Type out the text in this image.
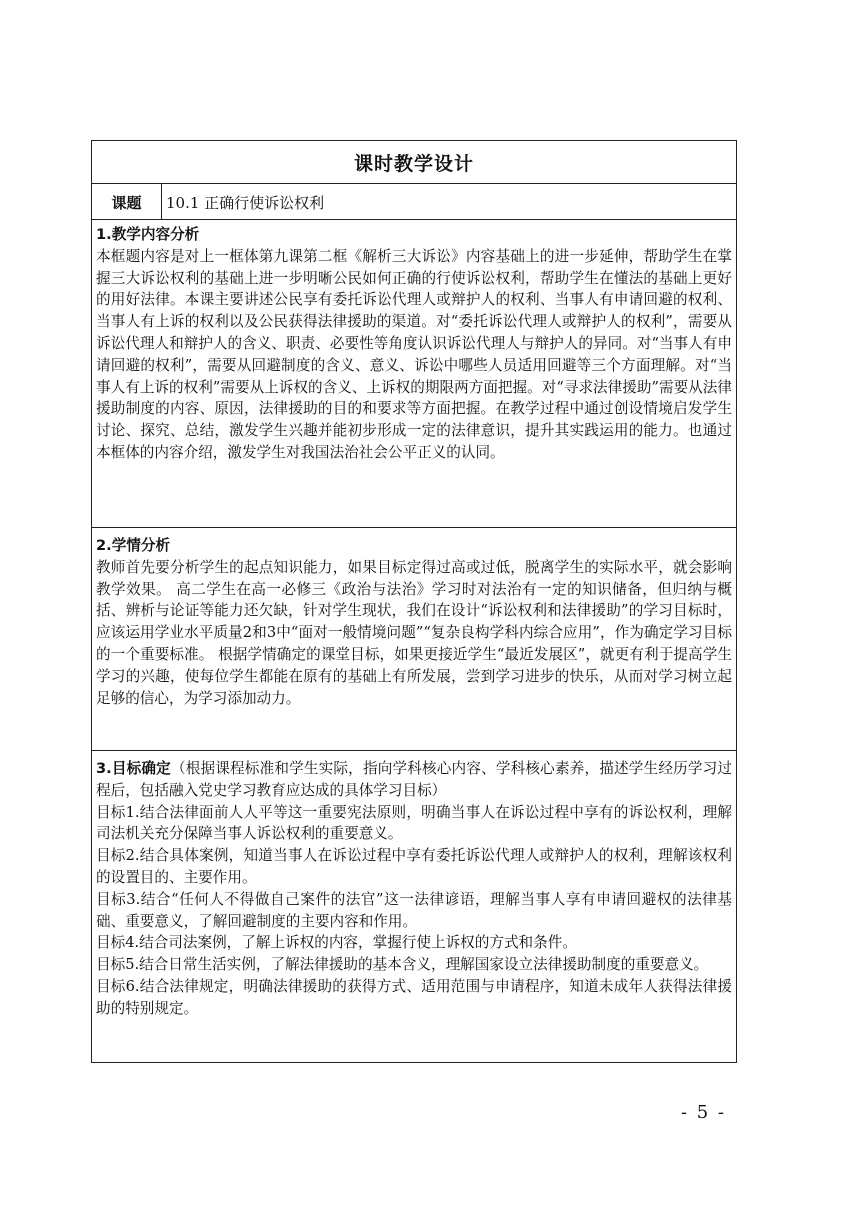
课时教学设计
课题	10.1 正确行使诉讼权利

1.教学内容分析

本框题内容是对上一框体第九课第二框《解析三大诉讼》内容基础上的进一步延伸，帮助学生在掌握三大诉讼权利的基础上进一步明晰公民如何正确的行使诉讼权利，帮助学生在懂法的基础上更好的用好法律。本课主要讲述公民享有委托诉讼代理人或辩护人的权利、当事人有申请回避的权利、当事人有上诉的权利以及公民获得法律援助的渠道。对“委托诉讼代理人或辩护人的权利”，需要从诉讼代理人和辩护人的含义、职责、必要性等角度认识诉讼代理人与辩护人的异同。对“当事人有申请回避的权利”，需要从回避制度的含义、意义、诉讼中哪些人员适用回避等三个方面理解。对“当事人有上诉的权利”需要从上诉权的含义、上诉权的期限两方面把握。对“寻求法律援助”需要从法律援助制度的内容、原因，法律援助的目的和要求等方面把握。在教学过程中通过创设情境启发学生讨论、探究、总结，激发学生兴趣并能初步形成一定的法律意识，提升其实践运用的能力。也通过本框体的内容介绍，激发学生对我国法治社会公平正义的认同。

2.学情分析

教师首先要分析学生的起点知识能力，如果目标定得过高或过低，脱离学生的实际水平，就会影响教学效果。 高二学生在高一必修三《政治与法治》学习时对法治有一定的知识储备，但归纳与概括、辨析与论证等能力还欠缺，针对学生现状，我们在设计“诉讼权利和法律援助”的学习目标时，应该运用学业水平质量2和3中“面对一般情境问题”“复杂良构学科内综合应用”，作为确定学习目标的一个重要标准。 根据学情确定的课堂目标，如果更接近学生“最近发展区”，就更有利于提高学生学习的兴趣，使每位学生都能在原有的基础上有所发展，尝到学习进步的快乐，从而对学习树立起足够的信心，为学习添加动力。

3.目标确定（根据课程标准和学生实际，指向学科核心内容、学科核心素养，描述学生经历学习过程后，包括融入党史学习教育应达成的具体学习目标）

目标1.结合法律面前人人平等这一重要宪法原则，明确当事人在诉讼过程中享有的诉讼权利，理解司法机关充分保障当事人诉讼权利的重要意义。

目标2.结合具体案例，知道当事人在诉讼过程中享有委托诉讼代理人或辩护人的权利，理解该权利的设置目的、主要作用。

目标3.结合“任何人不得做自己案件的法官”这一法律谚语，理解当事人享有申请回避权的法律基础、重要意义，了解回避制度的主要内容和作用。

目标4.结合司法案例，了解上诉权的内容，掌握行使上诉权的方式和条件。

目标5.结合日常生活实例，了解法律援助的基本含义，理解国家设立法律援助制度的重要意义。

目标6.结合法律规定，明确法律援助的获得方式、适用范围与申请程序，知道未成年人获得法律援助的特别规定。

- 5 -
